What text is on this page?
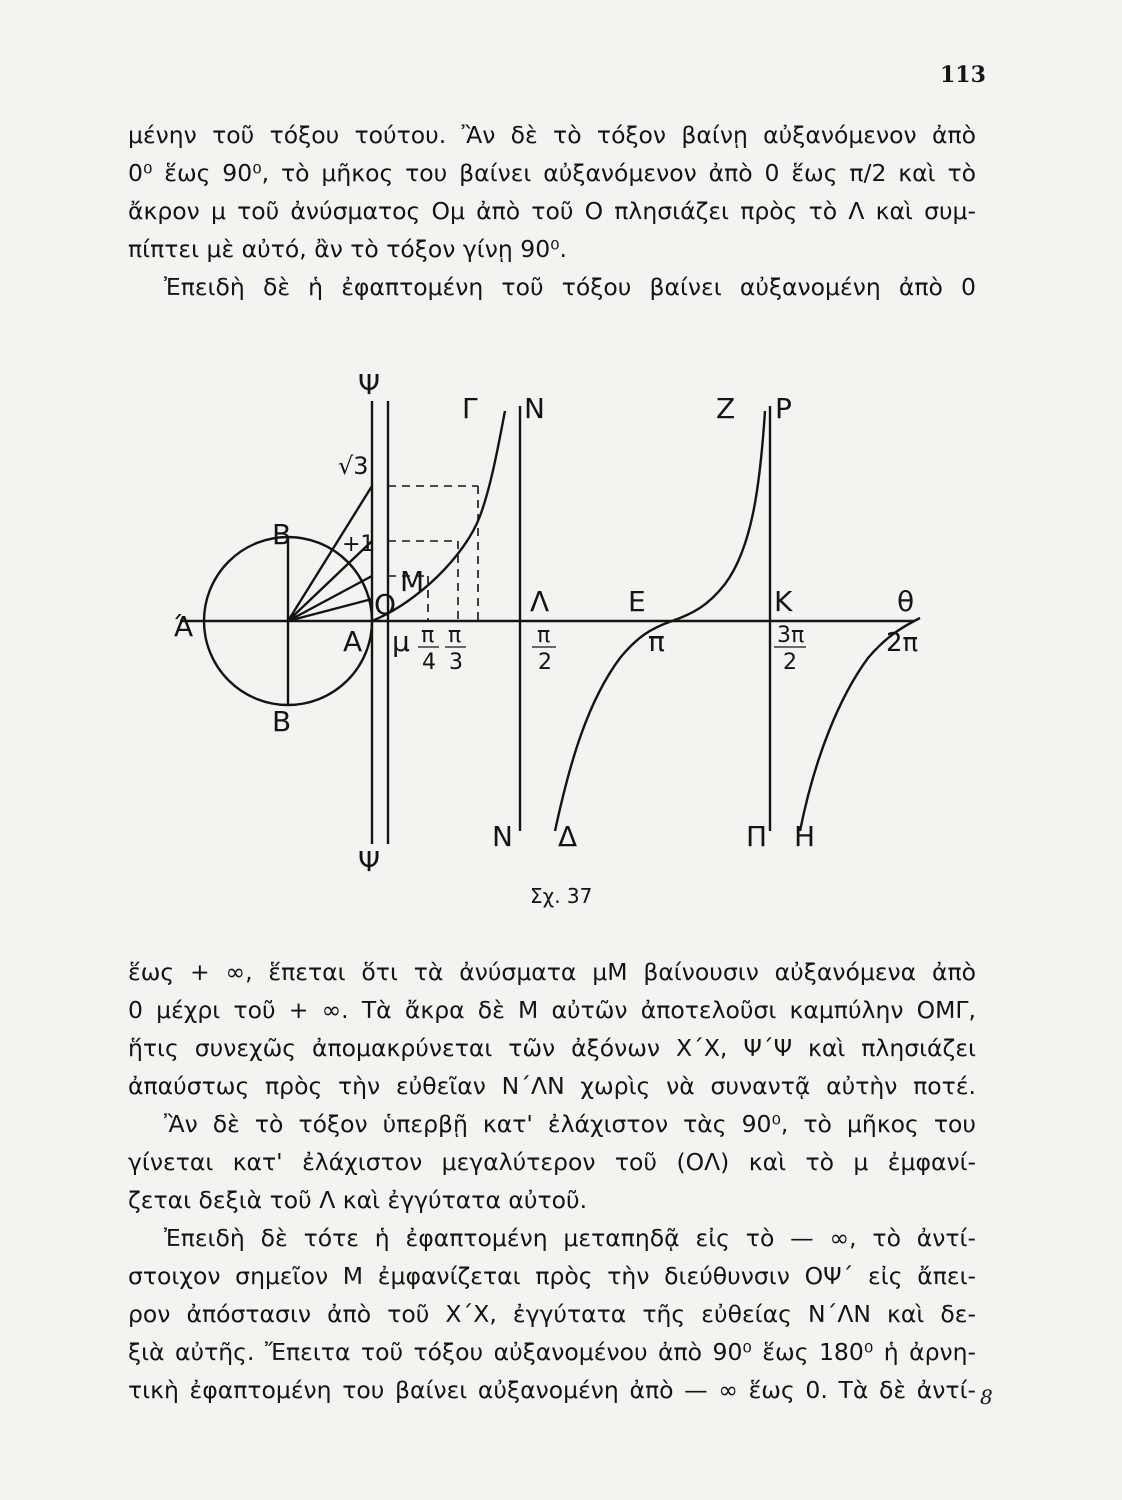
113
μένην τοῦ τόξου τούτου. Ἂν δὲ τὸ τόξον βαίνῃ αὐξανόμενον ἀπὸ
0⁰ ἕως 90⁰, τὸ μῆκος του βαίνει αὐξανόμενον ἀπὸ 0 ἕως π/2 καὶ τὸ
ἄκρον μ τοῦ ἀνύσματος Ομ ἀπὸ τοῦ Ο πλησιάζει πρὸς τὸ Λ καὶ συμ-
πίπτει μὲ αὐτό, ἂν τὸ τόξον γίνῃ 90⁰.
Ἐπειδὴ δὲ ἡ ἐφαπτομένη τοῦ τόξου βαίνει αὐξανομένη ἀπὸ 0
Ψ
Ψ
√3
+1
B
B
Ά	A
O
M
Γ N	Z P
Λ	E	K	θ
N Δ	Π H
μ	π	2π
π
4
π
3
π
2
3π
2
Σχ. 37
ἕως + ∞, ἕπεται ὅτι τὰ ἀνύσματα μΜ βαίνουσιν αὐξανόμενα ἀπὸ
0 μέχρι τοῦ + ∞. Τὰ ἄκρα δὲ Μ αὐτῶν ἀποτελοῦσι καμπύλην ΟΜΓ,
ἥτις συνεχῶς ἀπομακρύνεται τῶν ἀξόνων Χ΄Χ, Ψ΄Ψ καὶ πλησιάζει
ἀπαύστως πρὸς τὴν εὐθεῖαν Ν΄ΛΝ χωρὶς νὰ συναντᾷ αὐτὴν ποτέ.
Ἂν δὲ τὸ τόξον ὑπερβῇ κατ' ἐλάχιστον τὰς 90⁰, τὸ μῆκος του
γίνεται κατ' ἐλάχιστον μεγαλύτερον τοῦ (ΟΛ) καὶ τὸ μ ἐμφανί-
ζεται δεξιὰ τοῦ Λ καὶ ἐγγύτατα αὐτοῦ.
Ἐπειδὴ δὲ τότε ἡ ἐφαπτομένη μεταπηδᾷ εἰς τὸ — ∞, τὸ ἀντί-
στοιχον σημεῖον Μ ἐμφανίζεται πρὸς τὴν διεύθυνσιν ΟΨ΄ εἰς ἄπει-
ρον ἀπόστασιν ἀπὸ τοῦ Χ΄Χ, ἐγγύτατα τῆς εὐθείας Ν΄ΛΝ καὶ δε-
ξιὰ αὐτῆς. Ἔπειτα τοῦ τόξου αὐξανομένου ἀπὸ 90⁰ ἕως 180⁰ ἡ ἀρνη-
τικὴ ἐφαπτομένη του βαίνει αὐξανομένη ἀπὸ — ∞ ἕως 0. Τὰ δὲ ἀντί- 8
